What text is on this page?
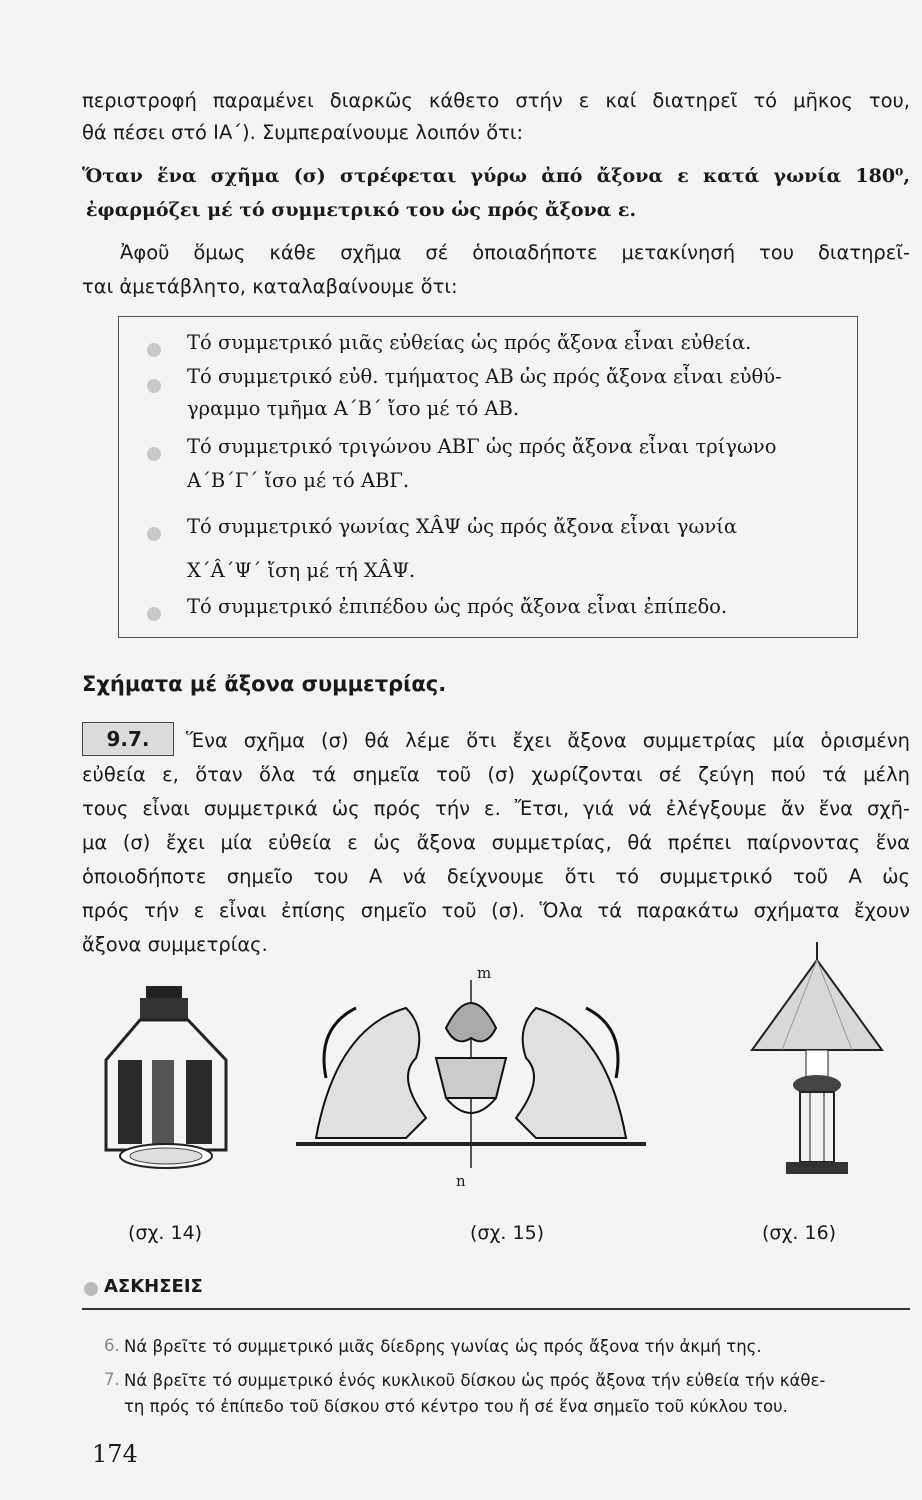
περιστροφή παραμένει διαρκῶς κάθετο στήν ε καί διατηρεῖ τό μῆκος του,
θά πέσει στό ΙΑ΄). Συμπεραίνουμε λοιπόν ὅτι:
Ὅταν ἕνα σχῆμα (σ) στρέφεται γύρω ἀπό ἄξονα ε κατά γωνία 180⁰,
ἐφαρμόζει μέ τό συμμετρικό του ὡς πρός ἄξονα ε.
Ἀφοῦ ὅμως κάθε σχῆμα σέ ὁποιαδήποτε μετακίνησή του διατηρεῖ-
ται ἀμετάβλητο, καταλαβαίνουμε ὅτι:
Τό συμμετρικό μιᾶς εὐθείας ὡς πρός ἄξονα εἶναι εὐθεία.
Τό συμμετρικό εὐθ. τμήματος ΑΒ ὡς πρός ἄξονα εἶναι εὐθύ-
γραμμο τμῆμα Α΄Β΄ ἴσο μέ τό ΑΒ.
Τό συμμετρικό τριγώνου ΑΒΓ ὡς πρός ἄξονα εἶναι τρίγωνο
Α΄Β΄Γ΄ ἴσο μέ τό ΑΒΓ.
Τό συμμετρικό γωνίας ΧÂΨ ὡς πρός ἄξονα εἶναι γωνία
Χ΄Â΄Ψ΄ ἴση μέ τή ΧÂΨ.
Τό συμμετρικό ἐπιπέδου ὡς πρός ἄξονα εἶναι ἐπίπεδο.
Σχήματα μέ ἄξονα συμμετρίας.
9.7.	Ἕνα σχῆμα (σ) θά λέμε ὅτι ἔχει ἄξονα συμμετρίας μία ὁρισμένη
εὐθεία ε, ὅταν ὅλα τά σημεῖα τοῦ (σ) χωρίζονται σέ ζεύγη πού τά μέλη
τους εἶναι συμμετρικά ὡς πρός τήν ε. Ἔτσι, γιά νά ἐλέγξουμε ἄν ἕνα σχῆ-
μα (σ) ἔχει μία εὐθεία ε ὡς ἄξονα συμμετρίας, θά πρέπει παίρνοντας ἕνα
ὁποιοδήποτε σημεῖο του Α νά δείχνουμε ὅτι τό συμμετρικό τοῦ Α ὡς
πρός τήν ε εἶναι ἐπίσης σημεῖο τοῦ (σ). Ὅλα τά παρακάτω σχήματα ἔχουν
ἄξονα συμμετρίας.
m
n
(σχ. 14)	(σχ. 15)	(σχ. 16)
ΑΣΚΗΣΕΙΣ
6. Νά βρεῖτε τό συμμετρικό μιᾶς δίεδρης γωνίας ὡς πρός ἄξονα τήν ἀκμή της.
7. Νά βρεῖτε τό συμμετρικό ἑνός κυκλικοῦ δίσκου ὡς πρός ἄξονα τήν εὐθεία τήν κάθε-
τη πρός τό ἐπίπεδο τοῦ δίσκου στό κέντρο του ἤ σέ ἕνα σημεῖο τοῦ κύκλου του.
174
